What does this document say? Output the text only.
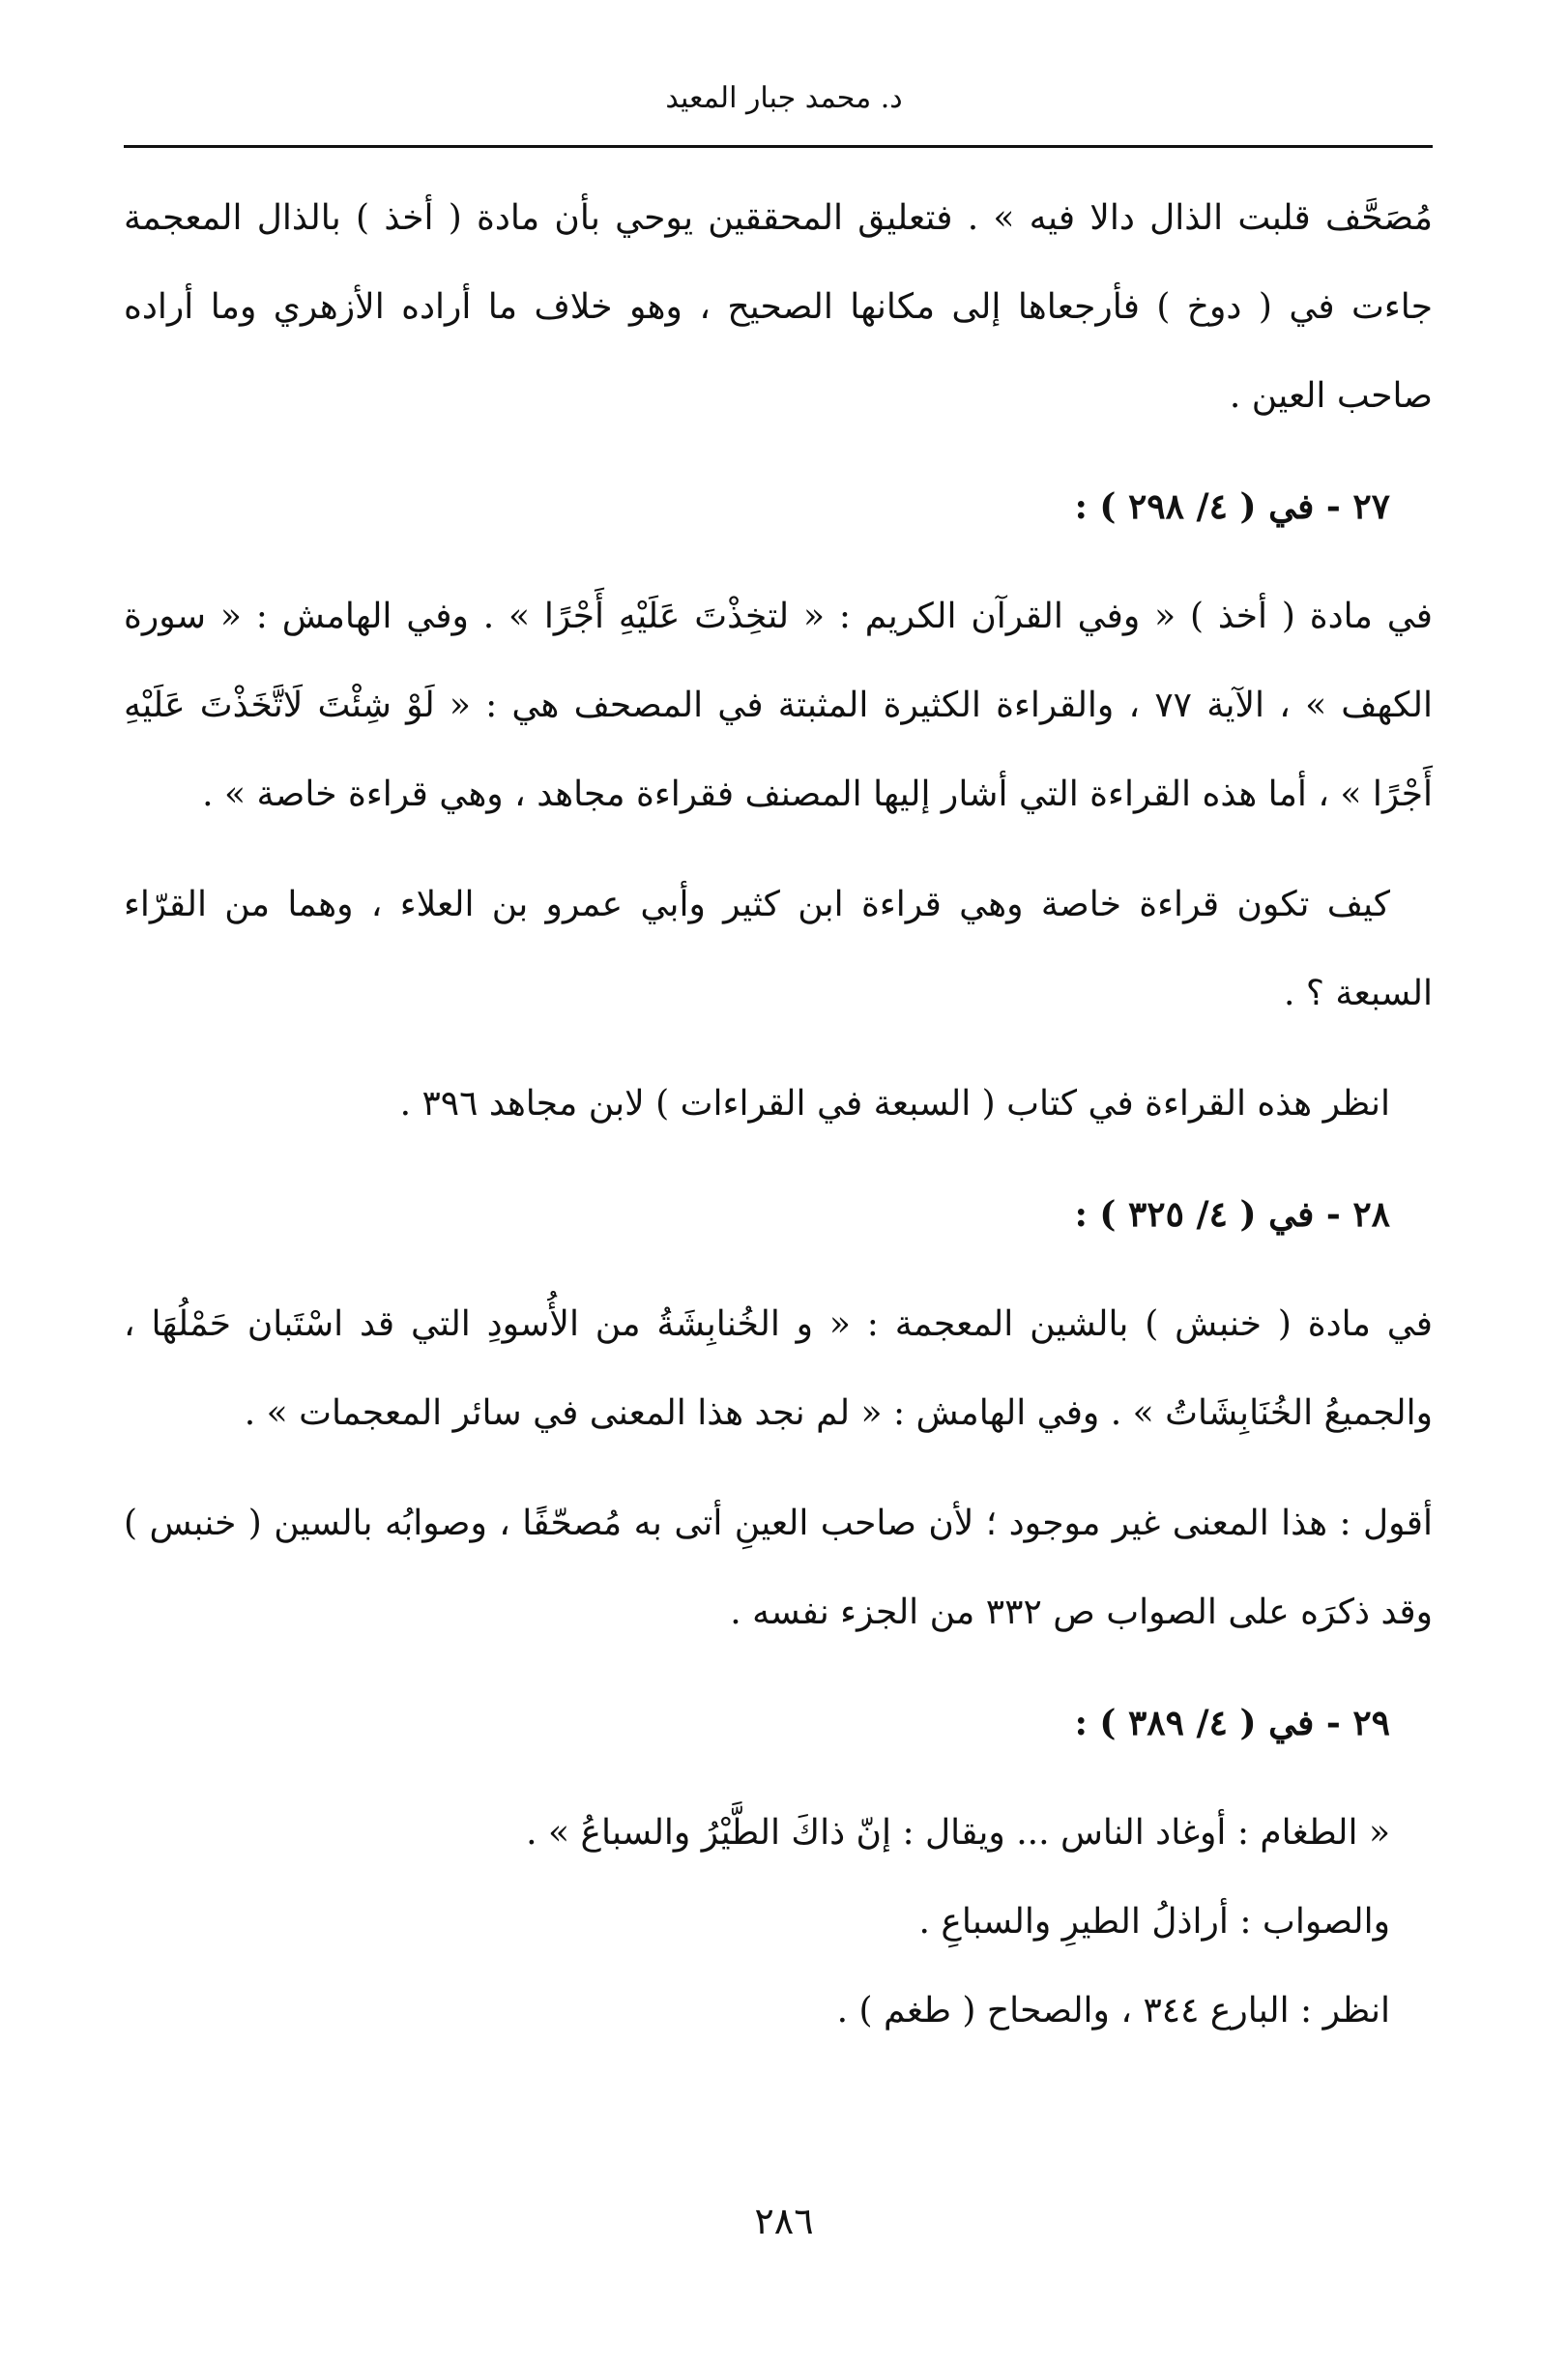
د. محمد جبار المعيد

مُصَحَّف قلبت الذال دالا فيه » . فتعليق المحققين يوحي بأن مادة ( أخذ ) بالذال المعجمة جاءت في ( دوخ ) فأرجعاها إلى مكانها الصحيح ، وهو خلاف ما أراده الأزهري وما أراده صاحب العين .

٢٧ - في ( ٤/ ٢٩٨ ) :

في مادة ( أخذ ) « وفي القرآن الكريم : « لتخِذْتَ عَلَيْهِ أَجْرًا » . وفي الهامش : « سورة الكهف » ، الآية ٧٧ ، والقراءة الكثيرة المثبتة في المصحف هي : « لَوْ شِئْتَ لَاتَّخَذْتَ عَلَيْهِ أَجْرًا » ، أما هذه القراءة التي أشار إليها المصنف فقراءة مجاهد ، وهي قراءة خاصة » .

كيف تكون قراءة خاصة وهي قراءة ابن كثير وأبي عمرو بن العلاء ، وهما من القرّاء السبعة ؟ .

انظر هذه القراءة في كتاب ( السبعة في القراءات ) لابن مجاهد ٣٩٦ .

٢٨ - في ( ٤/ ٣٢٥ ) :

في مادة ( خنبش ) بالشين المعجمة : « و الخُنابِشَةُ من الأُسودِ التي قد اسْتَبان حَمْلُهَا ، والجميعُ الخُنَابِشَاتُ » . وفي الهامش : « لم نجد هذا المعنى في سائر المعجمات » .

أقول : هذا المعنى غير موجود ؛ لأن صاحب العينِ أتى به مُصحّفًا ، وصوابُه بالسين ( خنبس ) وقد ذكرَه على الصواب ص ٣٣٢ من الجزء نفسه .

٢٩ - في ( ٤/ ٣٨٩ ) :

« الطغام : أوغاد الناس ... ويقال : إنّ ذاكَ الطَّيْرُ والسباعُ » .

والصواب : أراذلُ الطيرِ والسباعِ .

انظر : البارع ٣٤٤ ، والصحاح ( طغم ) .

٢٨٦
